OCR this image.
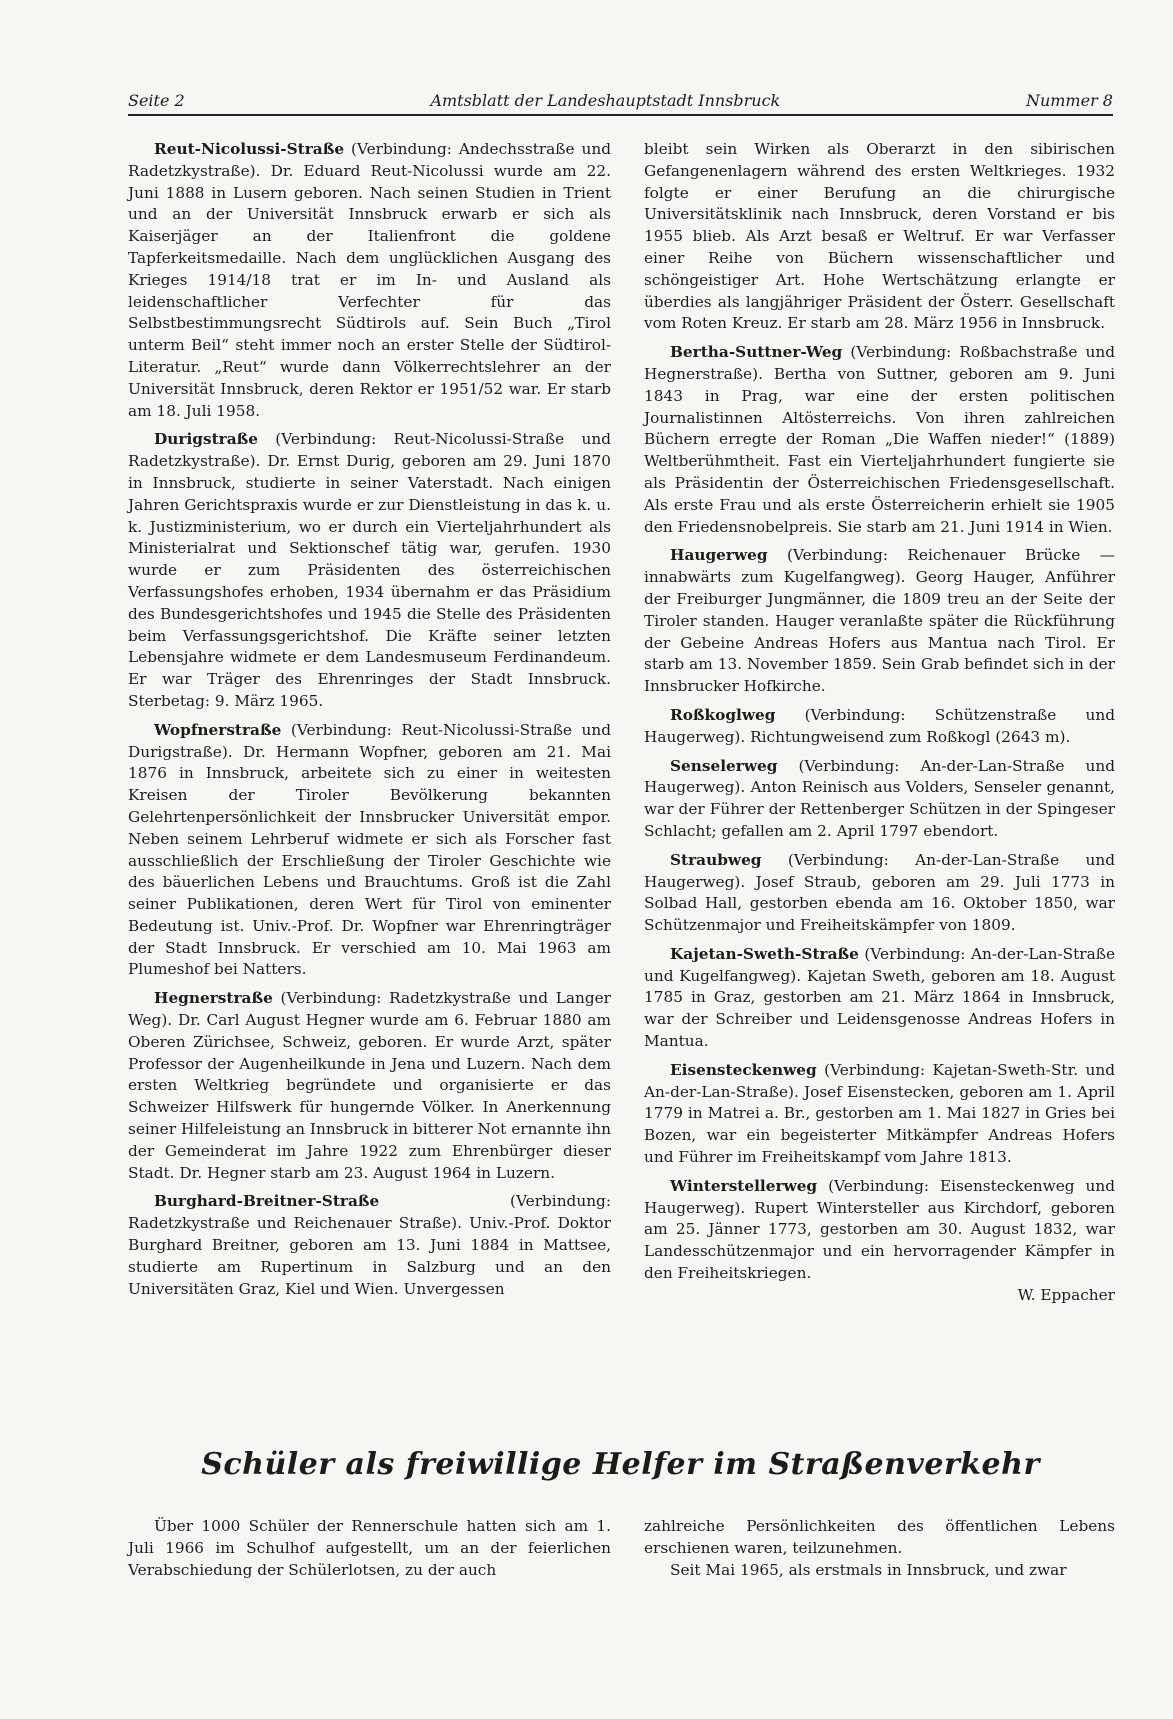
Seite 2	Amtsblatt der Landeshauptstadt Innsbruck	Nummer 8

Reut-Nicolussi-Straße (Verbindung: Andechsstraße und Radetzkystraße). Dr. Eduard Reut-Nicolussi wurde am 22. Juni 1888 in Lusern geboren. Nach seinen Studien in Trient und an der Universität Innsbruck erwarb er sich als Kaiserjäger an der Italienfront die goldene Tapferkeitsmedaille. Nach dem unglücklichen Ausgang des Krieges 1914/18 trat er im In- und Ausland als leidenschaftlicher Verfechter für das Selbstbestimmungsrecht Südtirols auf. Sein Buch „Tirol unterm Beil“ steht immer noch an erster Stelle der Südtirol-Literatur. „Reut“ wurde dann Völkerrechtslehrer an der Universität Innsbruck, deren Rektor er 1951/52 war. Er starb am 18. Juli 1958.

Durigstraße (Verbindung: Reut-Nicolussi-Straße und Radetzkystraße). Dr. Ernst Durig, geboren am 29. Juni 1870 in Innsbruck, studierte in seiner Vaterstadt. Nach einigen Jahren Gerichtspraxis wurde er zur Dienstleistung in das k. u. k. Justizministerium, wo er durch ein Vierteljahrhundert als Ministerialrat und Sektionschef tätig war, gerufen. 1930 wurde er zum Präsidenten des österreichischen Verfassungshofes erhoben, 1934 übernahm er das Präsidium des Bundesgerichtshofes und 1945 die Stelle des Präsidenten beim Verfassungsgerichtshof. Die Kräfte seiner letzten Lebensjahre widmete er dem Landesmuseum Ferdinandeum. Er war Träger des Ehrenringes der Stadt Innsbruck. Sterbetag: 9. März 1965.

Wopfnerstraße (Verbindung: Reut-Nicolussi-Straße und Durigstraße). Dr. Hermann Wopfner, geboren am 21. Mai 1876 in Innsbruck, arbeitete sich zu einer in weitesten Kreisen der Tiroler Bevölkerung bekannten Gelehrtenpersönlichkeit der Innsbrucker Universität empor. Neben seinem Lehrberuf widmete er sich als Forscher fast ausschließlich der Erschließung der Tiroler Geschichte wie des bäuerlichen Lebens und Brauchtums. Groß ist die Zahl seiner Publikationen, deren Wert für Tirol von eminenter Bedeutung ist. Univ.-Prof. Dr. Wopfner war Ehrenringträger der Stadt Innsbruck. Er verschied am 10. Mai 1963 am Plumeshof bei Natters.

Hegnerstraße (Verbindung: Radetzkystraße und Langer Weg). Dr. Carl August Hegner wurde am 6. Februar 1880 am Oberen Zürichsee, Schweiz, geboren. Er wurde Arzt, später Professor der Augenheilkunde in Jena und Luzern. Nach dem ersten Weltkrieg begründete und organisierte er das Schweizer Hilfswerk für hungernde Völker. In Anerkennung seiner Hilfeleistung an Innsbruck in bitterer Not ernannte ihn der Gemeinderat im Jahre 1922 zum Ehrenbürger dieser Stadt. Dr. Hegner starb am 23. August 1964 in Luzern.

Burghard-Breitner-Straße (Verbindung: Radetzkystraße und Reichenauer Straße). Univ.-Prof. Doktor Burghard Breitner, geboren am 13. Juni 1884 in Mattsee, studierte am Rupertinum in Salzburg und an den Universitäten Graz, Kiel und Wien. Unvergessen

bleibt sein Wirken als Oberarzt in den sibirischen Gefangenenlagern während des ersten Weltkrieges. 1932 folgte er einer Berufung an die chirurgische Universitätsklinik nach Innsbruck, deren Vorstand er bis 1955 blieb. Als Arzt besaß er Weltruf. Er war Verfasser einer Reihe von Büchern wissenschaftlicher und schöngeistiger Art. Hohe Wertschätzung erlangte er überdies als langjähriger Präsident der Österr. Gesellschaft vom Roten Kreuz. Er starb am 28. März 1956 in Innsbruck.

Bertha-Suttner-Weg (Verbindung: Roßbachstraße und Hegnerstraße). Bertha von Suttner, geboren am 9. Juni 1843 in Prag, war eine der ersten politischen Journalistinnen Altösterreichs. Von ihren zahlreichen Büchern erregte der Roman „Die Waffen nieder!“ (1889) Weltberühmtheit. Fast ein Vierteljahrhundert fungierte sie als Präsidentin der Österreichischen Friedensgesellschaft. Als erste Frau und als erste Österreicherin erhielt sie 1905 den Friedensnobelpreis. Sie starb am 21. Juni 1914 in Wien.

Haugerweg (Verbindung: Reichenauer Brücke — innabwärts zum Kugelfangweg). Georg Hauger, Anführer der Freiburger Jungmänner, die 1809 treu an der Seite der Tiroler standen. Hauger veranlaßte später die Rückführung der Gebeine Andreas Hofers aus Mantua nach Tirol. Er starb am 13. November 1859. Sein Grab befindet sich in der Innsbrucker Hofkirche.

Roßkoglweg (Verbindung: Schützenstraße und Haugerweg). Richtungweisend zum Roßkogl (2643 m).

Senselerweg (Verbindung: An-der-Lan-Straße und Haugerweg). Anton Reinisch aus Volders, Senseler genannt, war der Führer der Rettenberger Schützen in der Spingeser Schlacht; gefallen am 2. April 1797 ebendort.

Straubweg (Verbindung: An-der-Lan-Straße und Haugerweg). Josef Straub, geboren am 29. Juli 1773 in Solbad Hall, gestorben ebenda am 16. Oktober 1850, war Schützenmajor und Freiheitskämpfer von 1809.

Kajetan-Sweth-Straße (Verbindung: An-der-Lan-Straße und Kugelfangweg). Kajetan Sweth, geboren am 18. August 1785 in Graz, gestorben am 21. März 1864 in Innsbruck, war der Schreiber und Leidensgenosse Andreas Hofers in Mantua.

Eisensteckenweg (Verbindung: Kajetan-Sweth-Str. und An-der-Lan-Straße). Josef Eisenstecken, geboren am 1. April 1779 in Matrei a. Br., gestorben am 1. Mai 1827 in Gries bei Bozen, war ein begeisterter Mitkämpfer Andreas Hofers und Führer im Freiheitskampf vom Jahre 1813.

Winterstellerweg (Verbindung: Eisensteckenweg und Haugerweg). Rupert Wintersteller aus Kirchdorf, geboren am 25. Jänner 1773, gestorben am 30. August 1832, war Landesschützenmajor und ein hervorragender Kämpfer in den Freiheitskriegen.
W. Eppacher

Schüler als freiwillige Helfer im Straßenverkehr

Über 1000 Schüler der Rennerschule hatten sich am 1. Juli 1966 im Schulhof aufgestellt, um an der feierlichen Verabschiedung der Schülerlotsen, zu der auch

zahlreiche Persönlichkeiten des öffentlichen Lebens erschienen waren, teilzunehmen.

Seit Mai 1965, als erstmals in Innsbruck, und zwar
